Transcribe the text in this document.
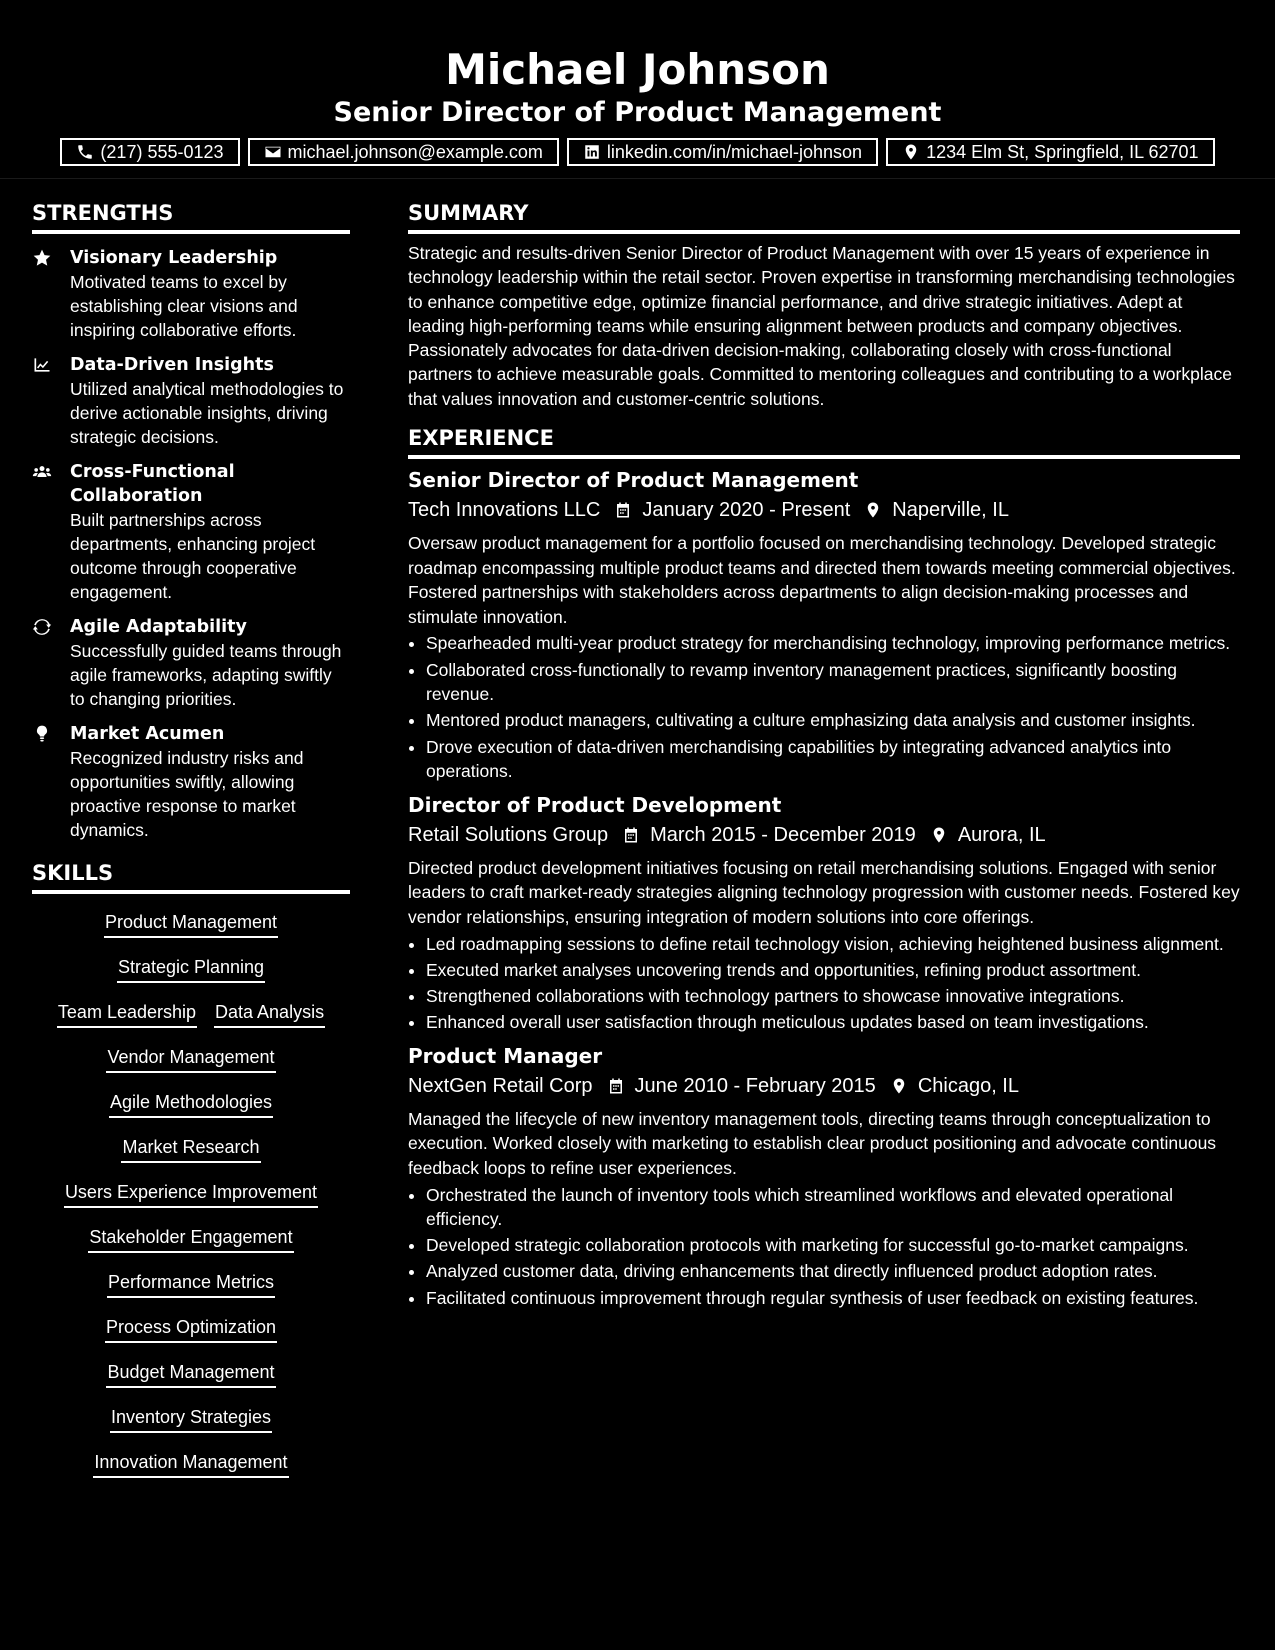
Michael Johnson
Senior Director of Product Management
(217) 555-0123	michael.johnson@example.com	linkedin.com/in/michael-johnson	1234 Elm St, Springfield, IL 62701
STRENGTHS
Visionary Leadership
Motivated teams to excel by establishing clear visions and inspiring collaborative efforts.
Data-Driven Insights
Utilized analytical methodologies to derive actionable insights, driving strategic decisions.
Cross-Functional Collaboration
Built partnerships across departments, enhancing project outcome through cooperative engagement.
Agile Adaptability
Successfully guided teams through agile frameworks, adapting swiftly to changing priorities.
Market Acumen
Recognized industry risks and opportunities swiftly, allowing proactive response to market dynamics.
SKILLS
Product Management
Strategic Planning
Team Leadership Data Analysis
Vendor Management
Agile Methodologies
Market Research
Users Experience Improvement
Stakeholder Engagement
Performance Metrics
Process Optimization
Budget Management
Inventory Strategies
Innovation Management
SUMMARY
Strategic and results-driven Senior Director of Product Management with over 15 years of experience in technology leadership within the retail sector. Proven expertise in transforming merchandising technologies to enhance competitive edge, optimize financial performance, and drive strategic initiatives. Adept at leading high-performing teams while ensuring alignment between products and company objectives. Passionately advocates for data-driven decision-making, collaborating closely with cross-functional partners to achieve measurable goals. Committed to mentoring colleagues and contributing to a workplace that values innovation and customer-centric solutions.
EXPERIENCE
Senior Director of Product Management
Tech Innovations LLC January 2020 - Present Naperville, IL
Oversaw product management for a portfolio focused on merchandising technology. Developed strategic roadmap encompassing multiple product teams and directed them towards meeting commercial objectives. Fostered partnerships with stakeholders across departments to align decision-making processes and stimulate innovation.
• Spearheaded multi-year product strategy for merchandising technology, improving performance metrics.
• Collaborated cross-functionally to revamp inventory management practices, significantly boosting revenue.
• Mentored product managers, cultivating a culture emphasizing data analysis and customer insights.
• Drove execution of data-driven merchandising capabilities by integrating advanced analytics into operations.
Director of Product Development
Retail Solutions Group March 2015 - December 2019 Aurora, IL
Directed product development initiatives focusing on retail merchandising solutions. Engaged with senior leaders to craft market-ready strategies aligning technology progression with customer needs. Fostered key vendor relationships, ensuring integration of modern solutions into core offerings.
• Led roadmapping sessions to define retail technology vision, achieving heightened business alignment.
• Executed market analyses uncovering trends and opportunities, refining product assortment.
• Strengthened collaborations with technology partners to showcase innovative integrations.
• Enhanced overall user satisfaction through meticulous updates based on team investigations.
Product Manager
NextGen Retail Corp June 2010 - February 2015 Chicago, IL
Managed the lifecycle of new inventory management tools, directing teams through conceptualization to execution. Worked closely with marketing to establish clear product positioning and advocate continuous feedback loops to refine user experiences.
• Orchestrated the launch of inventory tools which streamlined workflows and elevated operational efficiency.
• Developed strategic collaboration protocols with marketing for successful go-to-market campaigns.
• Analyzed customer data, driving enhancements that directly influenced product adoption rates.
• Facilitated continuous improvement through regular synthesis of user feedback on existing features.
